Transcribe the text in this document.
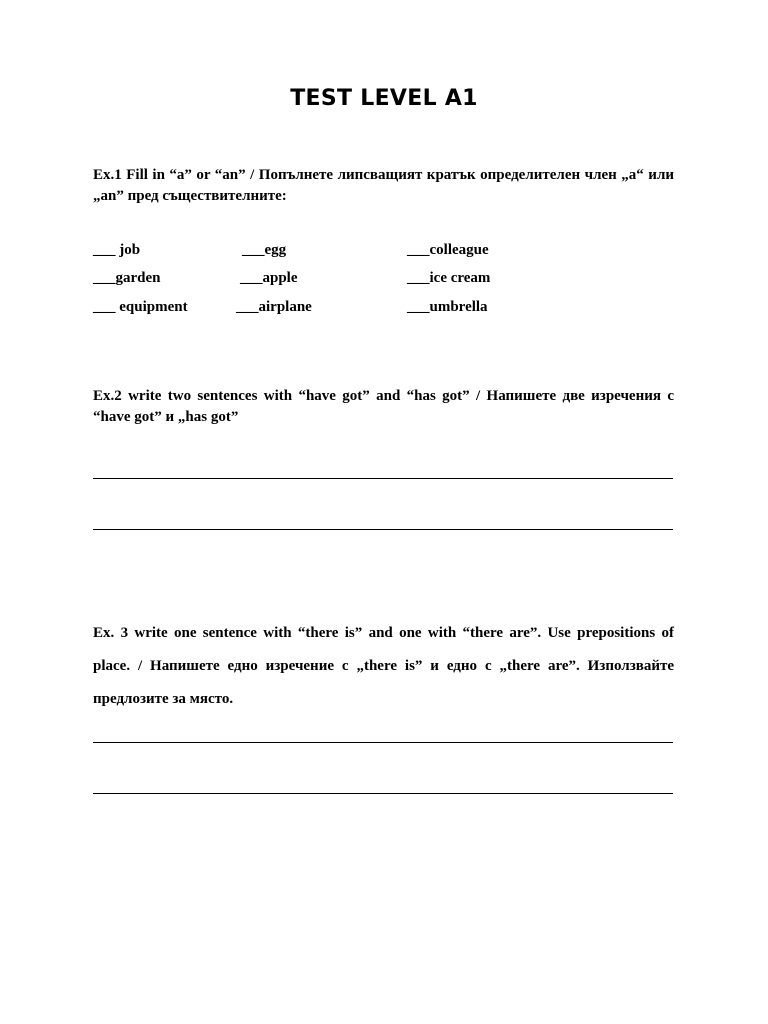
TEST LEVEL A1
Ex.1 Fill in “a” or “an” / Попълнете липсващият кратък определителен член „a“ или „an” пред съществителните:
___ job	___egg	___colleague
___garden	___apple	___ice cream
___ equipment	___airplane	___umbrella
Ex.2 write two sentences with “have got” and “has got” / Напишете две изречения с “have got” и „has got”
Ex. 3 write one sentence with “there is” and one with “there are”. Use prepositions of place. / Напишете едно изречение с „there is” и едно с „there are”. Използвайте предлозите за място.
